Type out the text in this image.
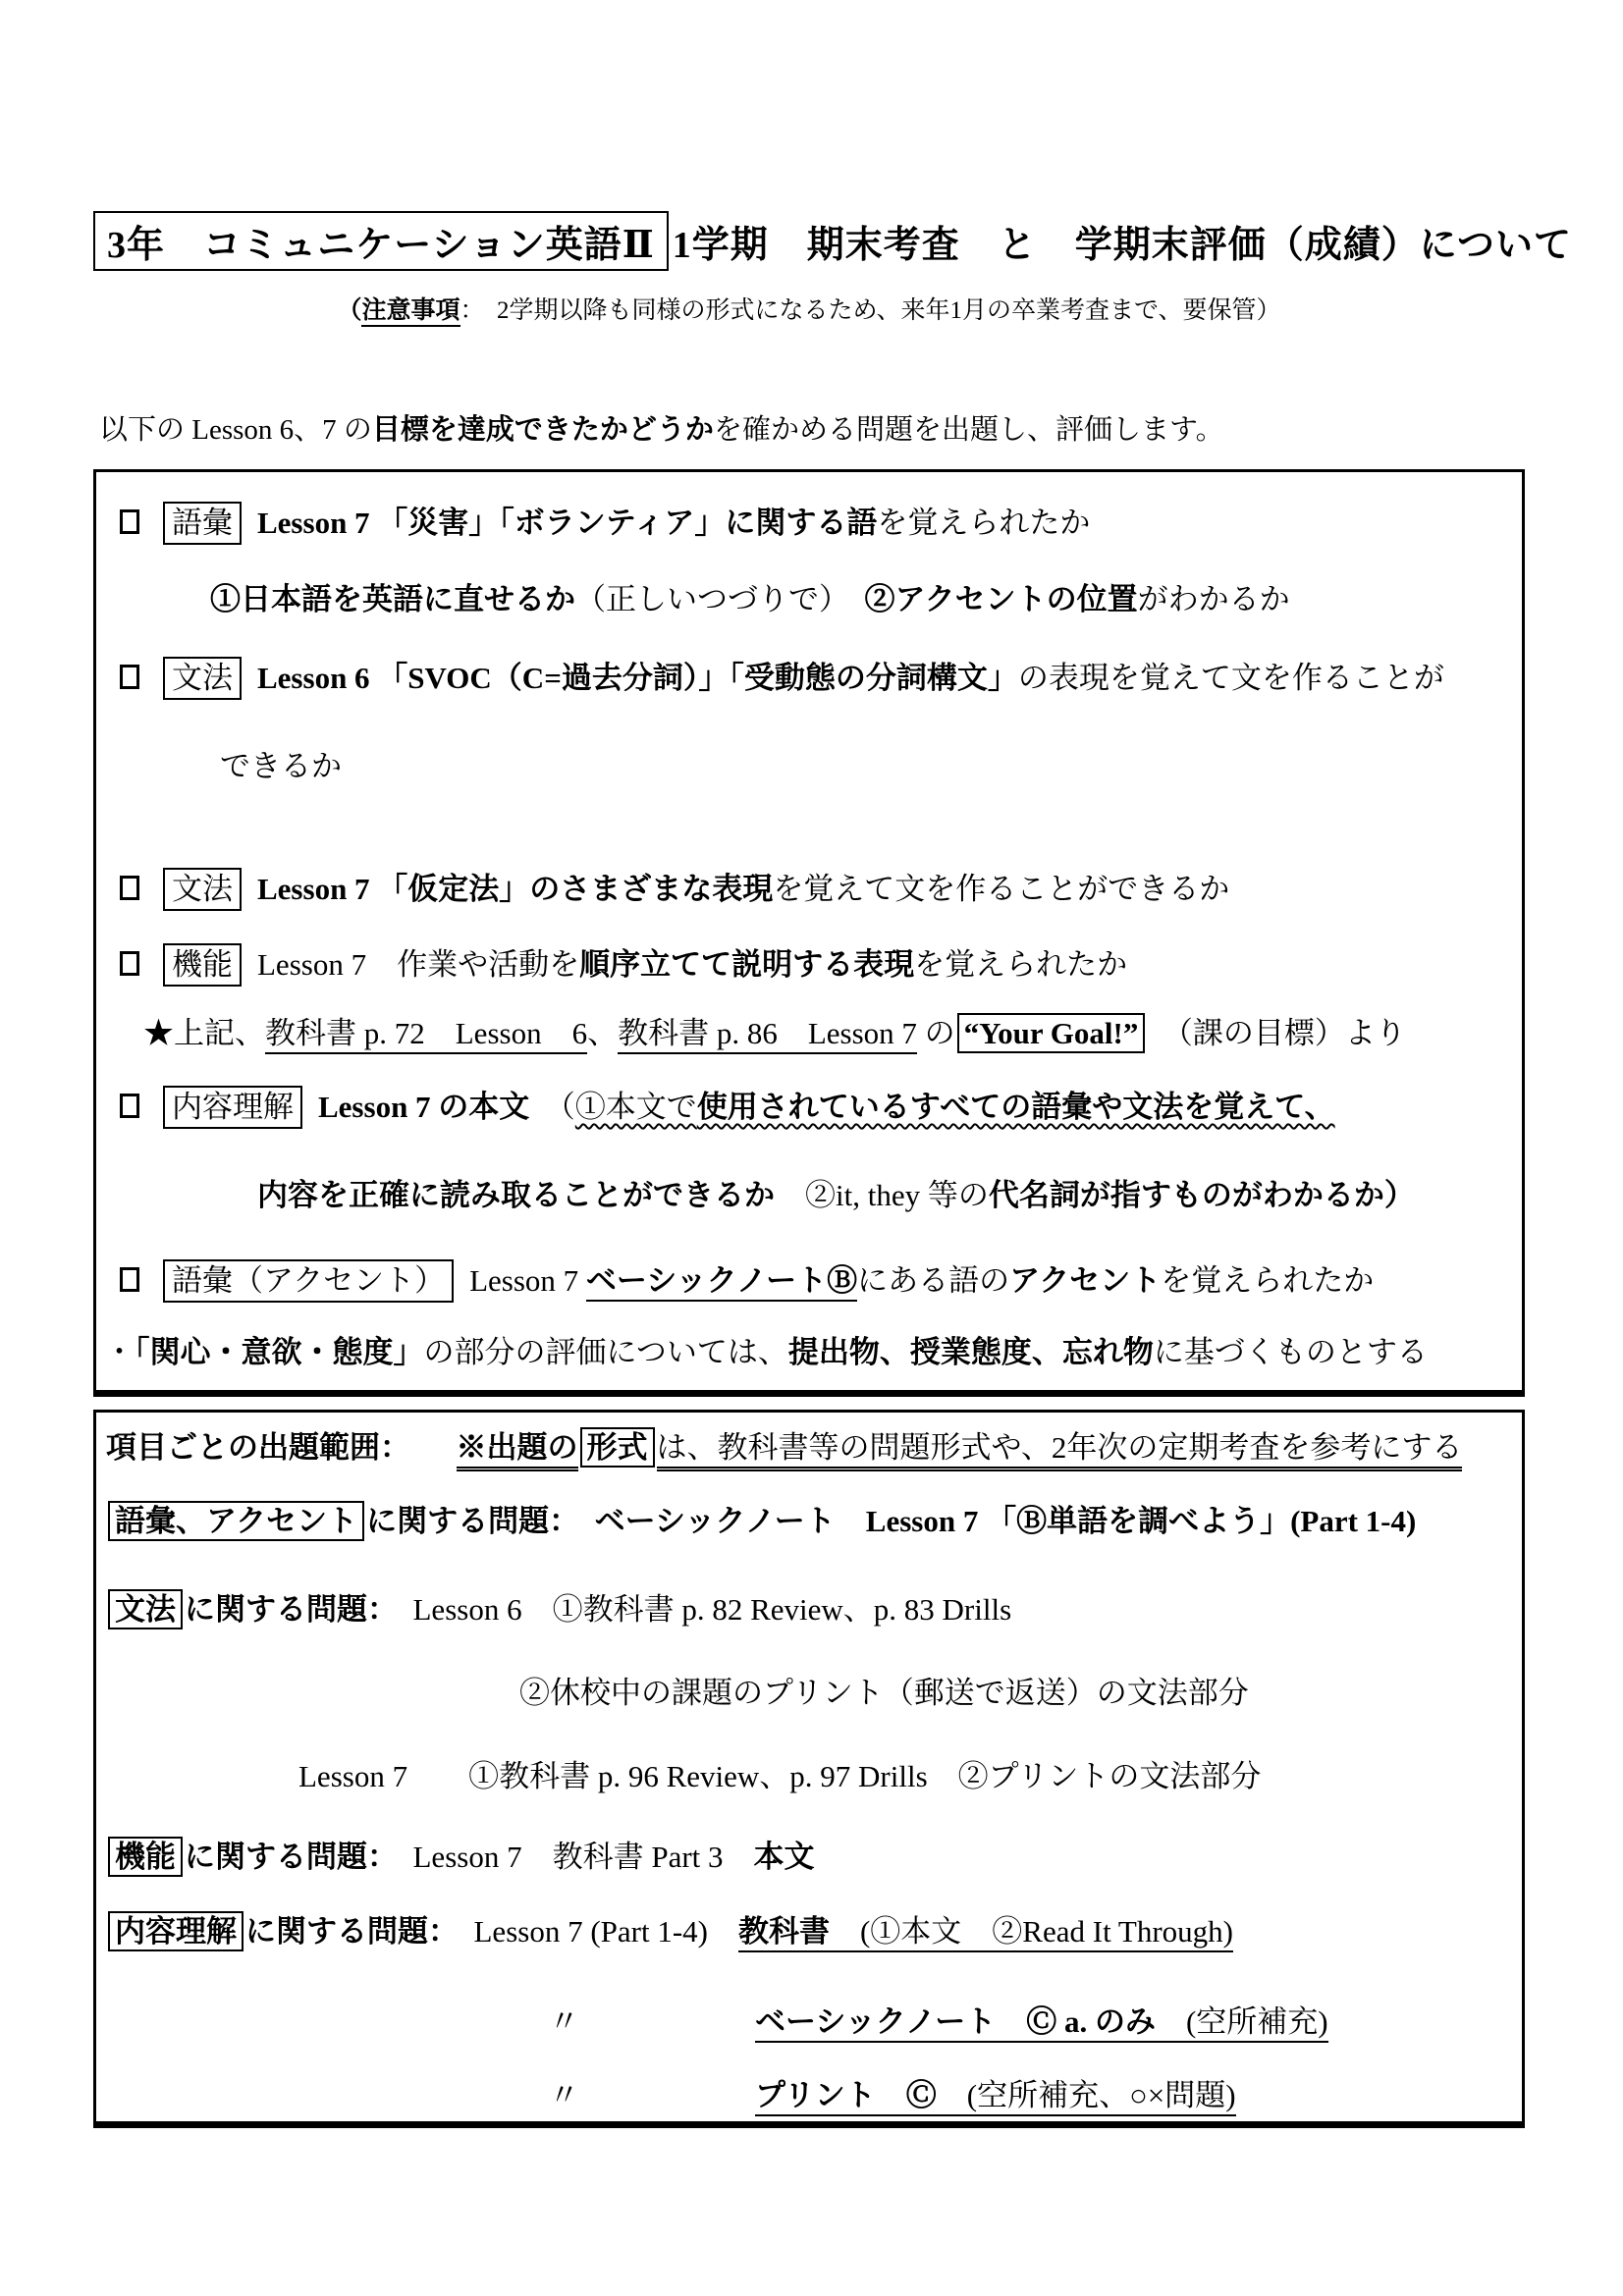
3年　コミュニケーション英語Ⅱ 1学期　期末考査　と　学期末評価（成績）について
（注意事項：　2学期以降も同様の形式になるため、来年1月の卒業考査まで、要保管）
以下の Lesson 6、7 の目標を達成できたかどうかを確かめる問題を出題し、評価します。
語彙 Lesson 7 「災害」「ボランティア」に関する語を覚えられたか
①日本語を英語に直せるか（正しいつづりで）　②アクセントの位置がわかるか
文法 Lesson 6 「SVOC（C=過去分詞）」「受動態の分詞構文」の表現を覚えて文を作ることが
できるか
文法 Lesson 7 「仮定法」のさまざまな表現を覚えて文を作ることができるか
機能 Lesson 7　作業や活動を順序立てて説明する表現を覚えられたか
★上記、教科書 p. 72　Lesson　6、教科書 p. 86　Lesson 7 の “Your Goal!”　（課の目標）より
内容理解 Lesson 7 の本文　（①本文で使用されているすべての語彙や文法を覚えて、
内容を正確に読み取ることができるか　②it, they 等の代名詞が指すものがわかるか）
語彙（アクセント） Lesson 7 ベーシックノートⒷにある語のアクセントを覚えられたか
・「関心・意欲・態度」の部分の評価については、提出物、授業態度、忘れ物に基づくものとする
項目ごとの出題範囲：　　 ※出題の 形式 は、教科書等の問題形式や、2年次の定期考査を参考にする
語彙、アクセント に関する問題：　ベーシックノート　Lesson 7 「Ⓑ単語を調べよう」(Part 1-4)
文法 に関する問題：　Lesson 6　①教科書 p. 82 Review、p. 83 Drills
②休校中の課題のプリント（郵送で返送）の文法部分
Lesson 7　　①教科書 p. 96 Review、p. 97 Drills　②プリントの文法部分
機能 に関する問題：　Lesson 7　教科書 Part 3　本文
内容理解 に関する問題：　Lesson 7 (Part 1-4)　教科書　(①本文　②Read It Through)
〃	ベーシックノート　Ⓒ a. のみ　(空所補充)
〃	プリント　Ⓒ　(空所補充、○×問題)
